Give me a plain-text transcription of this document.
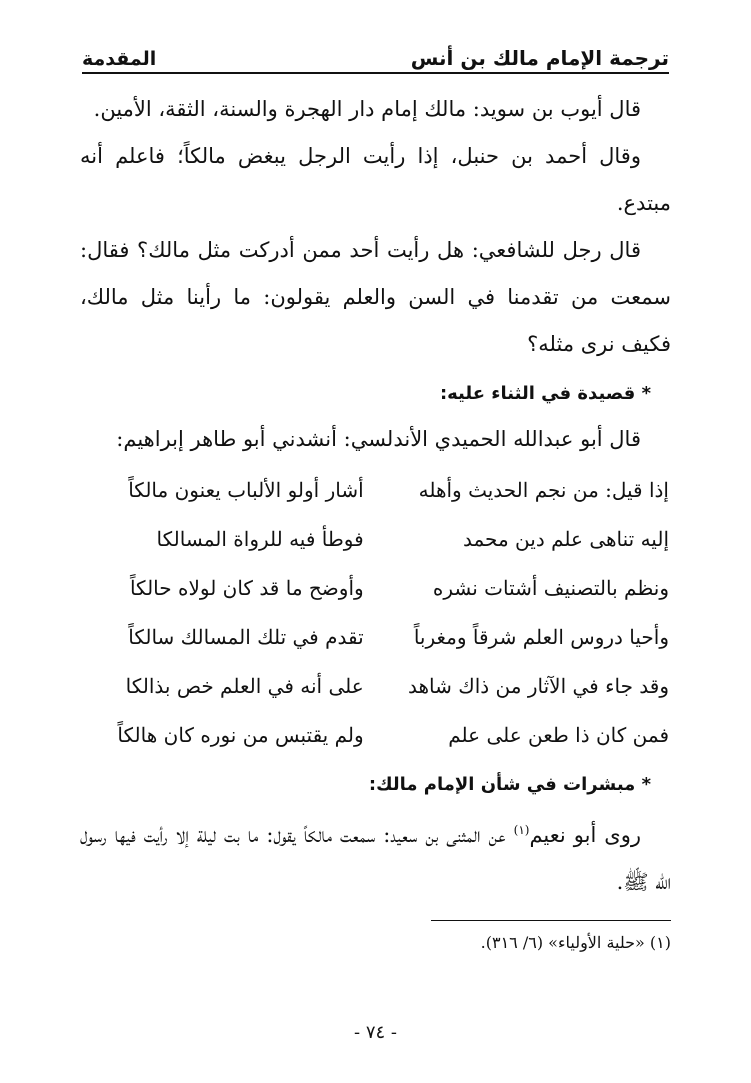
ترجمة الإمام مالك بن أنس
المقدمة

قال أيوب بن سويد: مالك إمام دار الهجرة والسنة، الثقة، الأمين.

وقال أحمد بن حنبل، إذا رأيت الرجل يبغض مالكاً؛ فاعلم أنه مبتدع.

قال رجل للشافعي: هل رأيت أحد ممن أدركت مثل مالك؟ فقال: سمعت من تقدمنا في السن والعلم يقولون: ما رأينا مثل مالك، فكيف نرى مثله؟

* قصيدة في الثناء عليه:

قال أبو عبدالله الحميدي الأندلسي: أنشدني أبو طاهر إبراهيم:

إذا قيل: من نجم الحديث وأهله
أشار أولو الألباب يعنون مالكاً
إليه تناهى علم دين محمد
فوطأ فيه للرواة المسالكا
ونظم بالتصنيف أشتات نشره
وأوضح ما قد كان لولاه حالكاً
وأحيا دروس العلم شرقاً ومغرباً
تقدم في تلك المسالك سالكاً
وقد جاء في الآثار من ذاك شاهد
على أنه في العلم خص بذالكا
فمن كان ذا طعن على علم
ولم يقتبس من نوره كان هالكاً
* مبشرات في شأن الإمام مالك:

روى أبو نعيم$^{(١)}$ عن المثنى بن سعيد: سمعت مالكاً يقول: ما بت ليلة إلا رأيت فيها رسول الله ﷺ.

(١) «حلية الأولياء» (٦/ ٣١٦).

- ٧٤ -
